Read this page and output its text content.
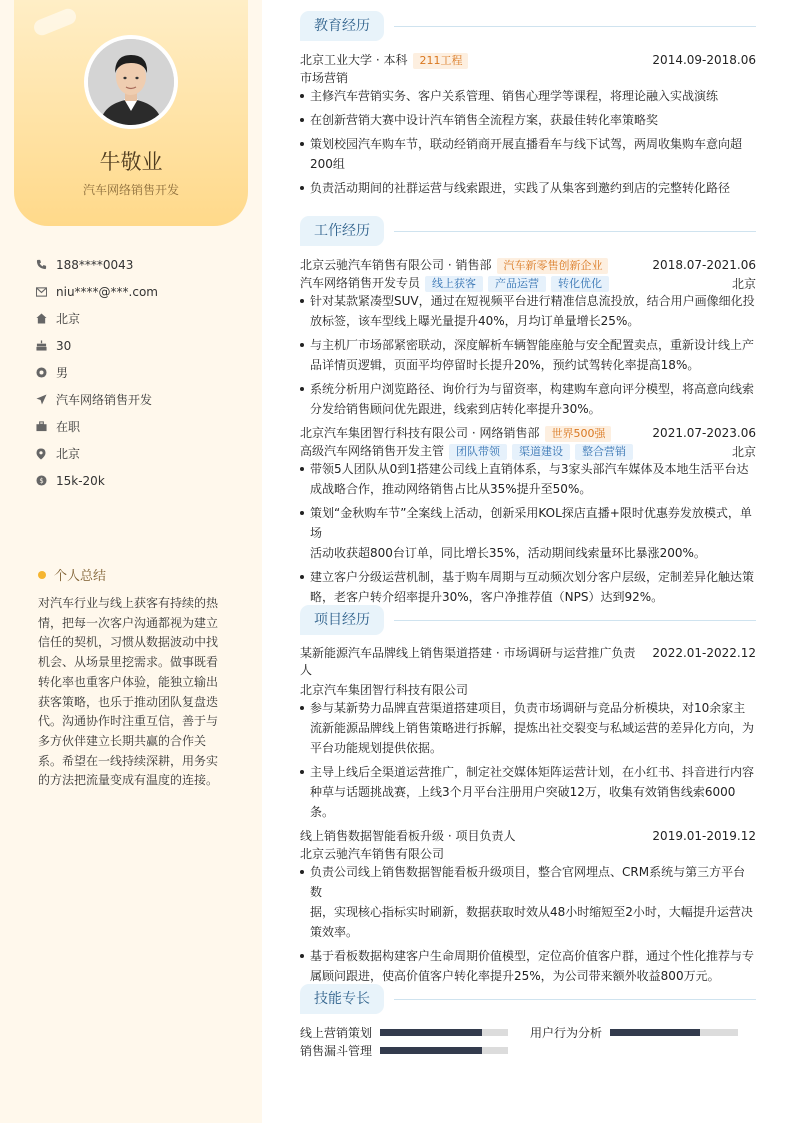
牛敬业
汽车网络销售开发
188****0043
niu****@***.com
北京
30
男
汽车网络销售开发
在职
北京
$ 15k-20k
个人总结
对汽车行业与线上获客有持续的热
情，把每一次客户沟通都视为建立
信任的契机，习惯从数据波动中找
机会、从场景里挖需求。做事既看
转化率也重客户体验，能独立输出
获客策略，也乐于推动团队复盘迭
代。沟通协作时注重互信，善于与
多方伙伴建立长期共赢的合作关
系。希望在一线持续深耕，用务实
的方法把流量变成有温度的连接。
教育经历
北京工业大学 · 本科 211工程	2014.09-2018.06
市场营销
主修汽车营销实务、客户关系管理、销售心理学等课程，将理论融入实战演练
在创新营销大赛中设计汽车销售全流程方案，获最佳转化率策略奖
策划校园汽车购车节，联动经销商开展直播看车与线下试驾，两周收集购车意向超
200组
负责活动期间的社群运营与线索跟进，实践了从集客到邀约到店的完整转化路径
工作经历
北京云驰汽车销售有限公司 · 销售部 汽车新零售创新企业	2018.07-2021.06
汽车网络销售开发专员 线上获客 产品运营 转化优化	北京
针对某款紧凑型SUV，通过在短视频平台进行精准信息流投放，结合用户画像细化投
放标签，该车型线上曝光量提升40%，月均订单量增长25%。
与主机厂市场部紧密联动，深度解析车辆智能座舱与安全配置卖点，重新设计线上产
品详情页逻辑，页面平均停留时长提升20%，预约试驾转化率提高18%。
系统分析用户浏览路径、询价行为与留资率，构建购车意向评分模型，将高意向线索
分发给销售顾问优先跟进，线索到店转化率提升30%。
北京汽车集团智行科技有限公司 · 网络销售部 世界500强	2021.07-2023.06
高级汽车网络销售开发主管 团队带领 渠道建设 整合营销	北京
带领5人团队从0到1搭建公司线上直销体系，与3家头部汽车媒体及本地生活平台达
成战略合作，推动网络销售占比从35%提升至50%。
策划“金秋购车节”全案线上活动，创新采用KOL探店直播+限时优惠券发放模式，单场
活动收获超800台订单，同比增长35%，活动期间线索量环比暴涨200%。
建立客户分级运营机制，基于购车周期与互动频次划分客户层级，定制差异化触达策
略，老客户转介绍率提升30%，客户净推荐值（NPS）达到92%。
项目经历
某新能源汽车品牌线上销售渠道搭建 · 市场调研与运营推广负责
人
2022.01-2022.12
北京汽车集团智行科技有限公司
参与某新势力品牌直营渠道搭建项目，负责市场调研与竞品分析模块，对10余家主
流新能源品牌线上销售策略进行拆解，提炼出社交裂变与私域运营的差异化方向，为
平台功能规划提供依据。
主导上线后全渠道运营推广，制定社交媒体矩阵运营计划，在小红书、抖音进行内容
种草与话题挑战赛，上线3个月平台注册用户突破12万，收集有效销售线索6000
条。
线上销售数据智能看板升级 · 项目负责人	2019.01-2019.12
北京云驰汽车销售有限公司
负责公司线上销售数据智能看板升级项目，整合官网埋点、CRM系统与第三方平台数
据，实现核心指标实时刷新，数据获取时效从48小时缩短至2小时，大幅提升运营决
策效率。
基于看板数据构建客户生命周期价值模型，定位高价值客户群，通过个性化推荐与专
属顾问跟进，使高价值客户转化率提升25%，为公司带来额外收益800万元。
技能专长
线上营销策划	用户行为分析
销售漏斗管理
